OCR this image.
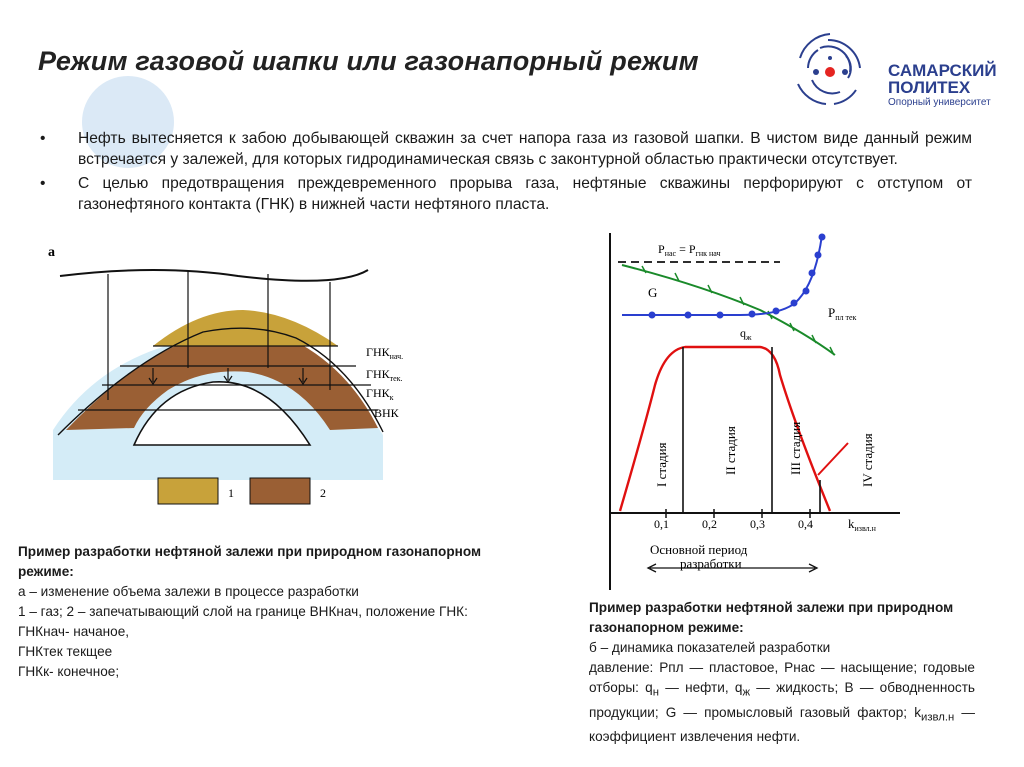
Режим газовой шапки или газонапорный режим	САМАРСКИЙ
ПОЛИТЕХ
Опорный университет
• Нефть вытесняется к забою добывающей скважин за счет напора газа из газовой шапки. В чистом виде данный режим встречается у залежей, для которых гидродинамическая связь с законтурной областью практически отсутствует.
• С целью предотвращения преждевременного прорыва газа, нефтяные скважины перфорируют с отступом от газонефтяного контакта (ГНК) в нижней части нефтяного пласта.
а
$ГНК_{нач.}$
$ГНК_{тек.}$
$ГНК_к$
ВНК
1	2
$P_{нас} = P_{гнк нач}$
G
$P_{пл тек}$
$q_ж$
I стадия	II стадия	III стадия	IV стадия
0,1	0,2	0,3	0,4	$k_{извл.н}$
Основной период
разработки
Пример разработки нефтяной залежи при природном газонапорном режиме:
а – изменение объема залежи в процессе разработки
1 – газ; 2 – запечатывающий слой на границе ВНКнач, положение ГНК:
ГНКнач- начаное,
ГНКтек текщее
ГНКк- конечное;
Пример разработки нефтяной залежи при природном газонапорном режиме:
б – динамика показателей разработки
давление: Рпл — пластовое, Рнас — насыщение; годовые отборы: $q_н$ — нефти, $q_ж$ — жидкость; В — обводненность продукции; G — промысловый газовый фактор; $k_{извл.н}$ — коэффициент извлечения нефти.
